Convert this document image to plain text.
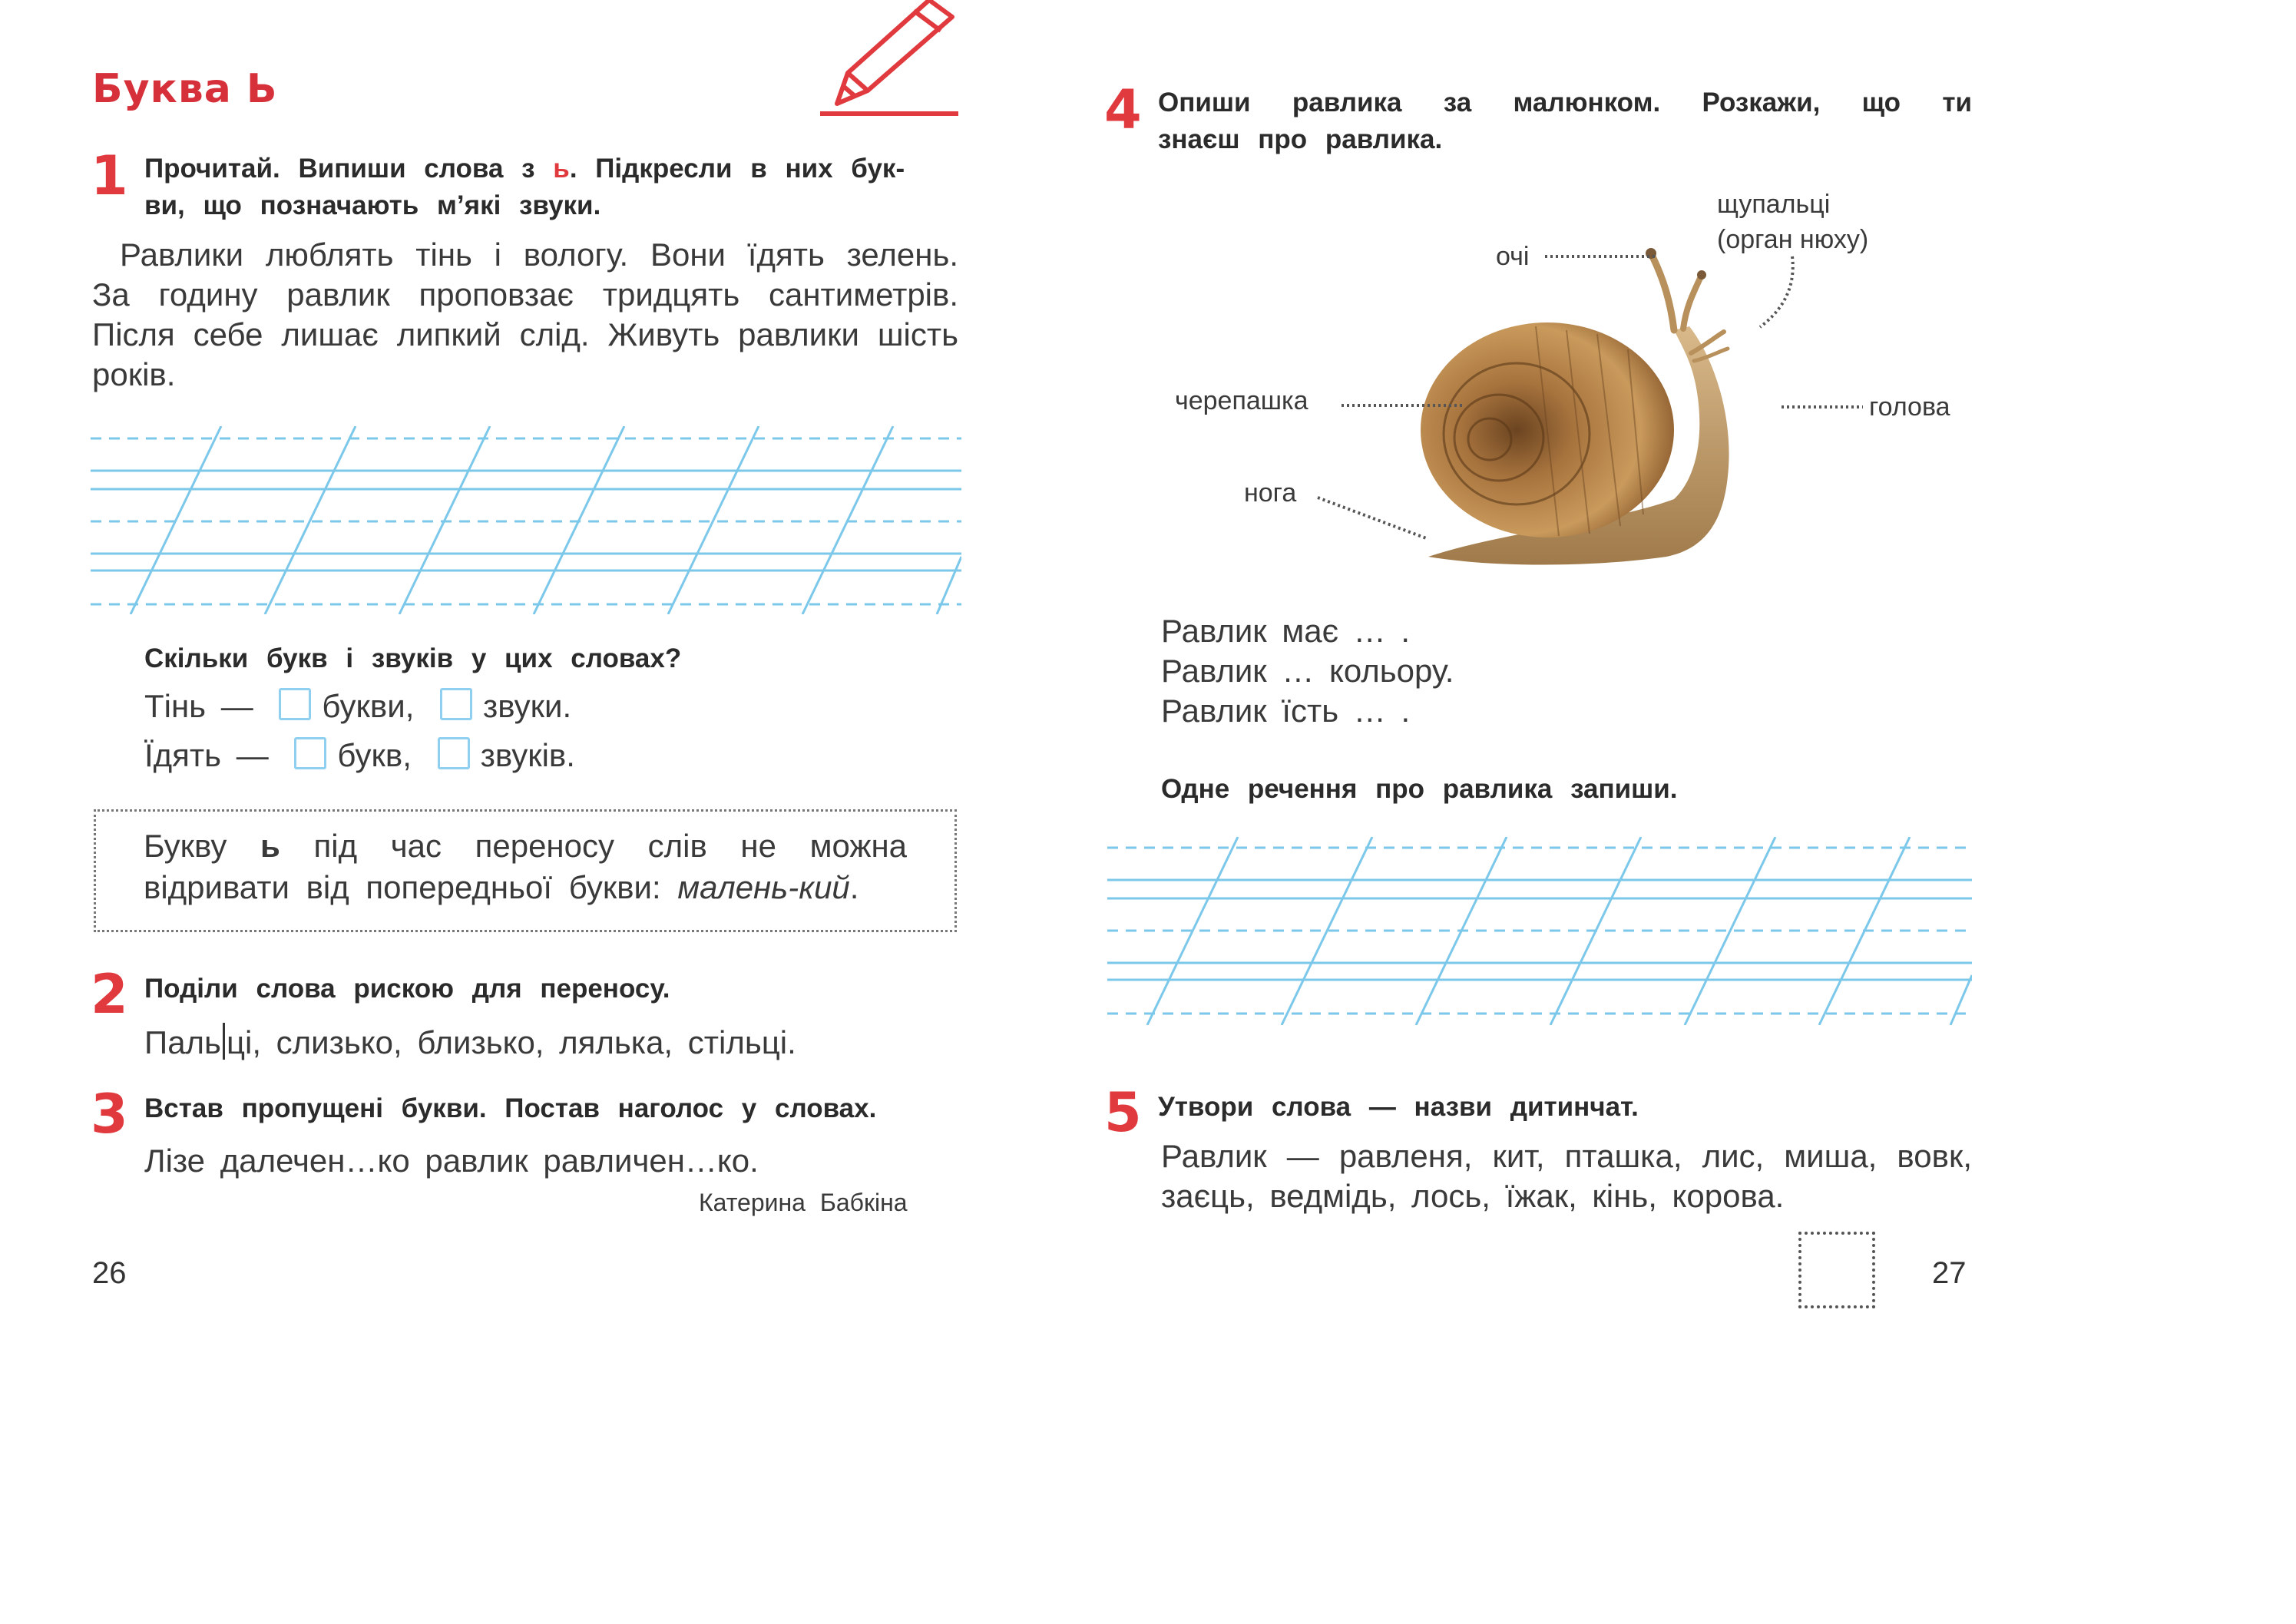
Буква Ь
1 Прочитай. Випиши слова з ь. Підкресли в них бук-
ви, що позначають м’які звуки.
Равлики люблять тінь і вологу. Вони їдять зелень. За годину равлик проповзає тридцять сантиметрів. Після себе лишає липкий слід. Живуть равлики шість років.
Скільки букв і звуків у цих словах?
Тінь — букви, звуки.
Їдять — букв, звуків.
Букву ь під час переносу слів не можна відривати від попередньої букви: малень-кий.
2 Поділи слова рискою для переносу.
Паль ці, слизько, близько, лялька, стільці.
3 Встав пропущені букви. Постав наголос у словах.
Лізе далечен…ко равлик равличен…ко.
Катерина Бабкіна
26
4 Опиши равлика за малюнком. Розкажи, що ти
знаєш про равлика.
очі
щупальці
(орган нюху)
черепашка	голова
нога
Равлик має … .
Равлик … кольору.
Равлик їсть … .
Одне речення про равлика запиши.
5 Утвори слова — назви дитинчат.
Равлик — равленя, кит, пташка, лис, миша, вовк, заєць, ведмідь, лось, їжак, кінь, корова.
27
